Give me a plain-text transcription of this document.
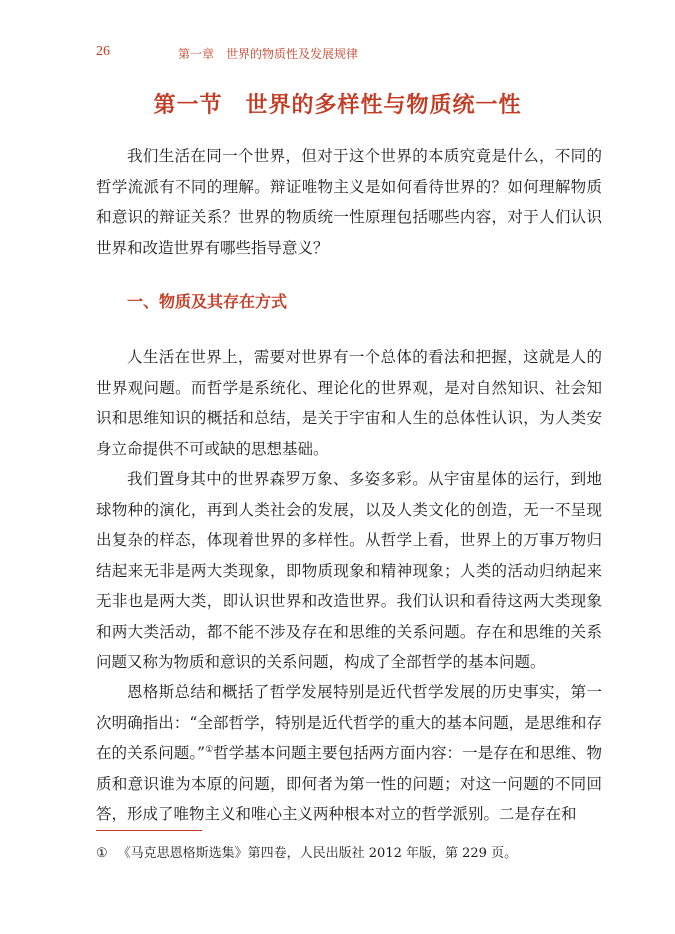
26	第一章　世界的物质性及发展规律
第一节　世界的多样性与物质统一性

我们生活在同一个世界，但对于这个世界的本质究竟是什么，不同的哲学流派有不同的理解。辩证唯物主义是如何看待世界的？如何理解物质和意识的辩证关系？世界的物质统一性原理包括哪些内容，对于人们认识世界和改造世界有哪些指导意义？

一、物质及其存在方式

人生活在世界上，需要对世界有一个总体的看法和把握，这就是人的世界观问题。而哲学是系统化、理论化的世界观，是对自然知识、社会知识和思维知识的概括和总结，是关于宇宙和人生的总体性认识，为人类安身立命提供不可或缺的思想基础。

我们置身其中的世界森罗万象、多姿多彩。从宇宙星体的运行，到地球物种的演化，再到人类社会的发展，以及人类文化的创造，无一不呈现出复杂的样态，体现着世界的多样性。从哲学上看，世界上的万事万物归结起来无非是两大类现象，即物质现象和精神现象；人类的活动归纳起来无非也是两大类，即认识世界和改造世界。我们认识和看待这两大类现象和两大类活动，都不能不涉及存在和思维的关系问题。存在和思维的关系问题又称为物质和意识的关系问题，构成了全部哲学的基本问题。

恩格斯总结和概括了哲学发展特别是近代哲学发展的历史事实，第一次明确指出：“全部哲学，特别是近代哲学的重大的基本问题，是思维和存在的关系问题。”①哲学基本问题主要包括两方面内容：一是存在和思维、物质和意识谁为本原的问题，即何者为第一性的问题；对这一问题的不同回答，形成了唯物主义和唯心主义两种根本对立的哲学派别。二是存在和

① 《马克思恩格斯选集》第四卷，人民出版社 2012 年版，第 229 页。
